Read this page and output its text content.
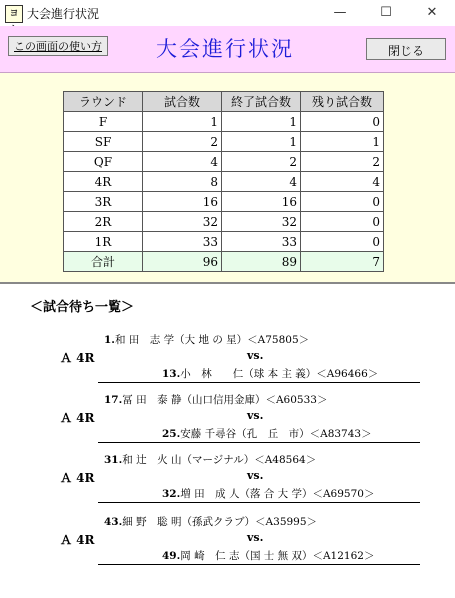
ヨ 大会進行状況	—	☐	✕
この画面の使い方	大会進行状況	閉じる
ラウンド	試合数	終了試合数	残り試合数
F	1	1	0
SF	2	1	1
QF	4	2	2
4R	8	4	4
3R	16	16	0
2R	32	32	0
1R	33	33	0
合計	96	89	7
＜試合待ち一覧＞
1.和 田　志 学（大 地 の 星）＜A75805＞
Ａ 4R	vs.
13.小　林　　仁（球 本 主 義）＜A96466＞
17.冨 田　泰 静（山口信用金庫）＜A60533＞
Ａ 4R	vs.
25.安藤 千尋谷（孔　丘　市）＜A83743＞
31.和 辻　火 山（マージナル）＜A48564＞
Ａ 4R	vs.
32.増 田　成 人（落 合 大 学）＜A69570＞
43.細 野　聡 明（孫武クラブ）＜A35995＞
Ａ 4R	vs.
49.岡 崎　仁 志（国 士 無 双）＜A12162＞
